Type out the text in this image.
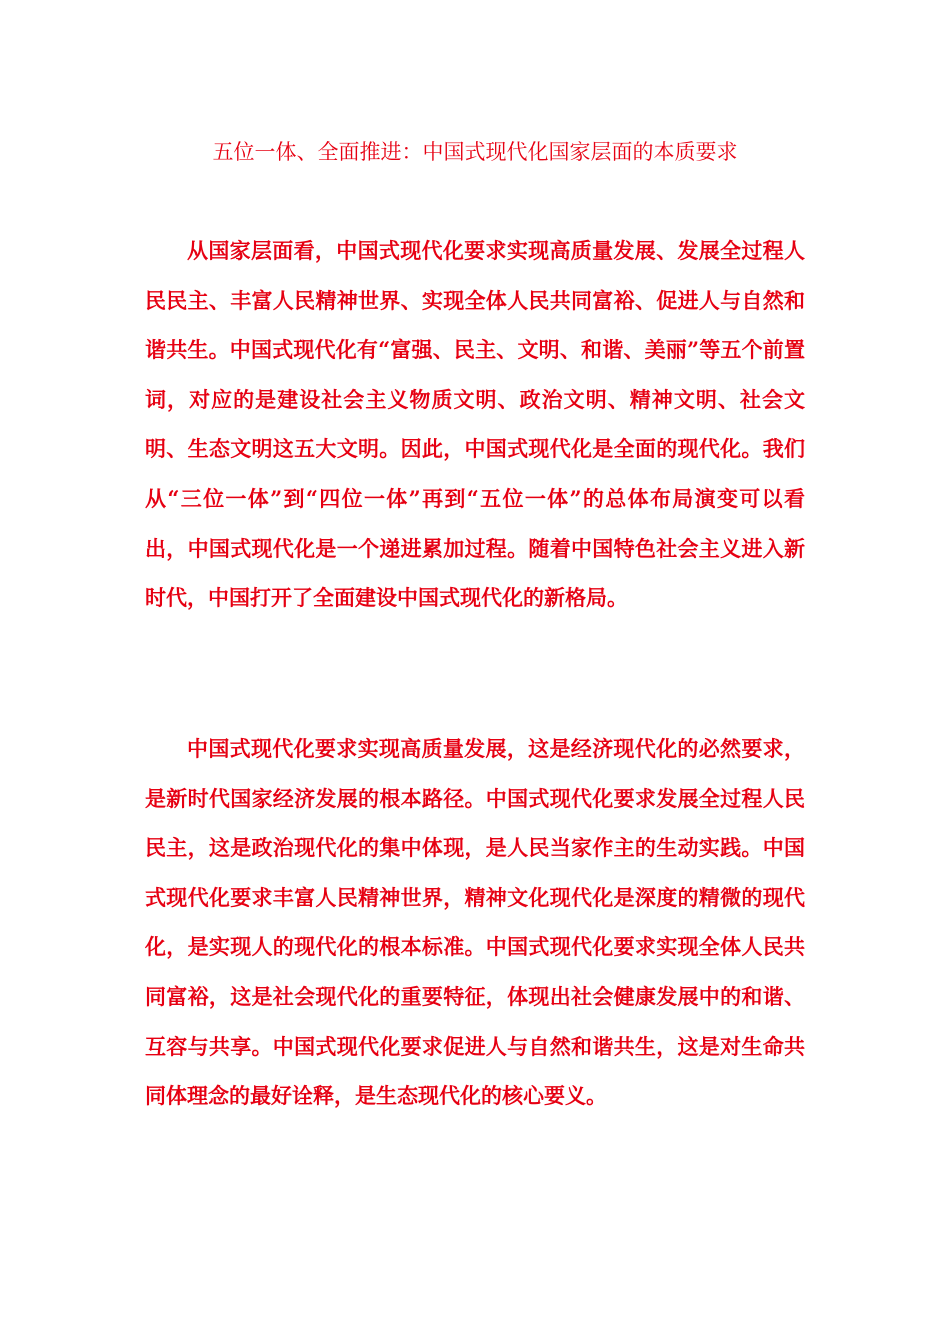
五位一体、全面推进：中国式现代化国家层面的本质要求

从国家层面看，中国式现代化要求实现高质量发展、发展全过程人民民主、丰富人民精神世界、实现全体人民共同富裕、促进人与自然和谐共生。中国式现代化有“富强、民主、文明、和谐、美丽”等五个前置词，对应的是建设社会主义物质文明、政治文明、精神文明、社会文明、生态文明这五大文明。因此，中国式现代化是全面的现代化。我们从“三位一体”到“四位一体”再到“五位一体”的总体布局演变可以看出，中国式现代化是一个递进累加过程。随着中国特色社会主义进入新时代，中国打开了全面建设中国式现代化的新格局。

中国式现代化要求实现高质量发展，这是经济现代化的必然要求，是新时代国家经济发展的根本路径。中国式现代化要求发展全过程人民民主，这是政治现代化的集中体现，是人民当家作主的生动实践。中国式现代化要求丰富人民精神世界，精神文化现代化是深度的精微的现代化，是实现人的现代化的根本标准。中国式现代化要求实现全体人民共同富裕，这是社会现代化的重要特征，体现出社会健康发展中的和谐、互容与共享。中国式现代化要求促进人与自然和谐共生，这是对生命共同体理念的最好诠释，是生态现代化的核心要义。
